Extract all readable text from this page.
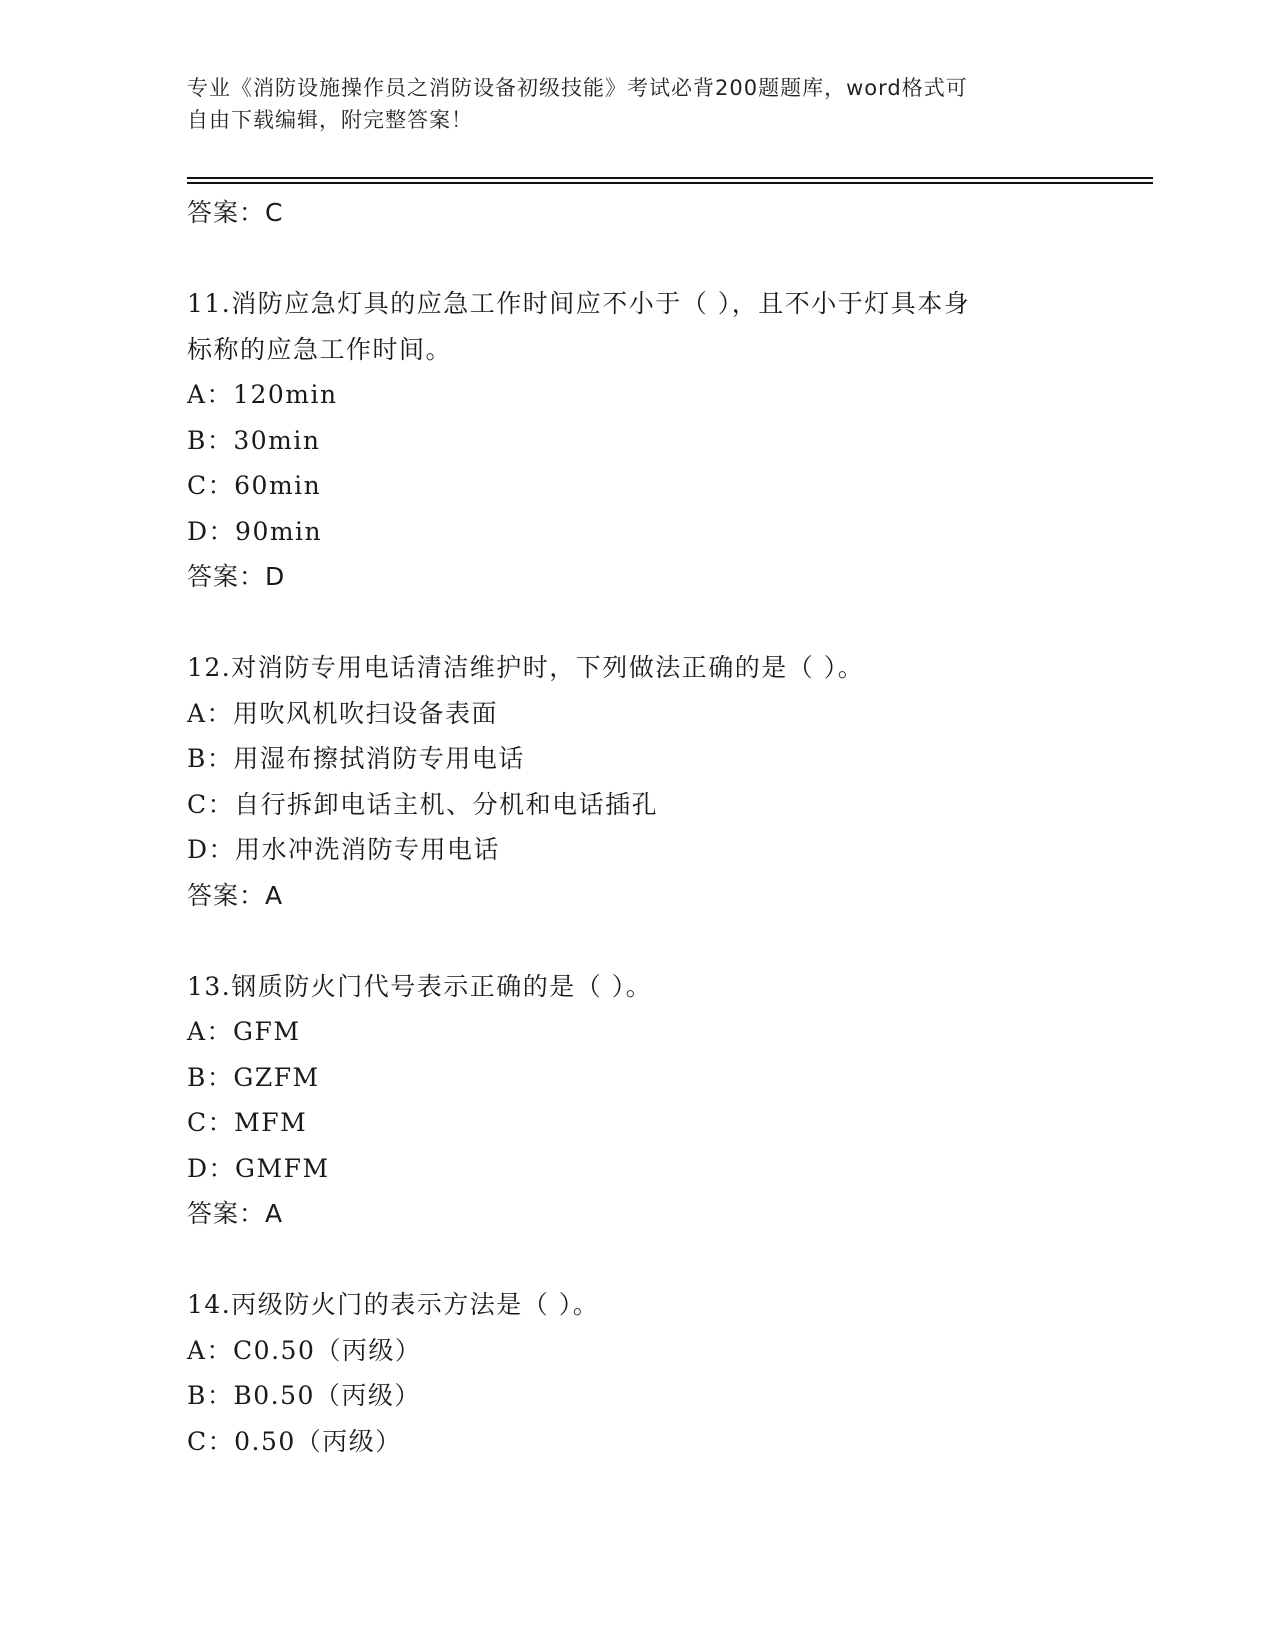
专业《消防设施操作员之消防设备初级技能》考试必背200题题库，word格式可
自由下载编辑，附完整答案！
答案：C
11.消防应急灯具的应急工作时间应不小于（ ），且不小于灯具本身
标称的应急工作时间。
A：120min
B：30min
C：60min
D：90min
答案：D
12.对消防专用电话清洁维护时，下列做法正确的是（ ）。
A：用吹风机吹扫设备表面
B：用湿布擦拭消防专用电话
C：自行拆卸电话主机、分机和电话插孔
D：用水冲洗消防专用电话
答案：A
13.钢质防火门代号表示正确的是（ ）。
A：GFM
B：GZFM
C：MFM
D：GMFM
答案：A
14.丙级防火门的表示方法是（ ）。
A：C0.50（丙级）
B：B0.50（丙级）
C：0.50（丙级）
